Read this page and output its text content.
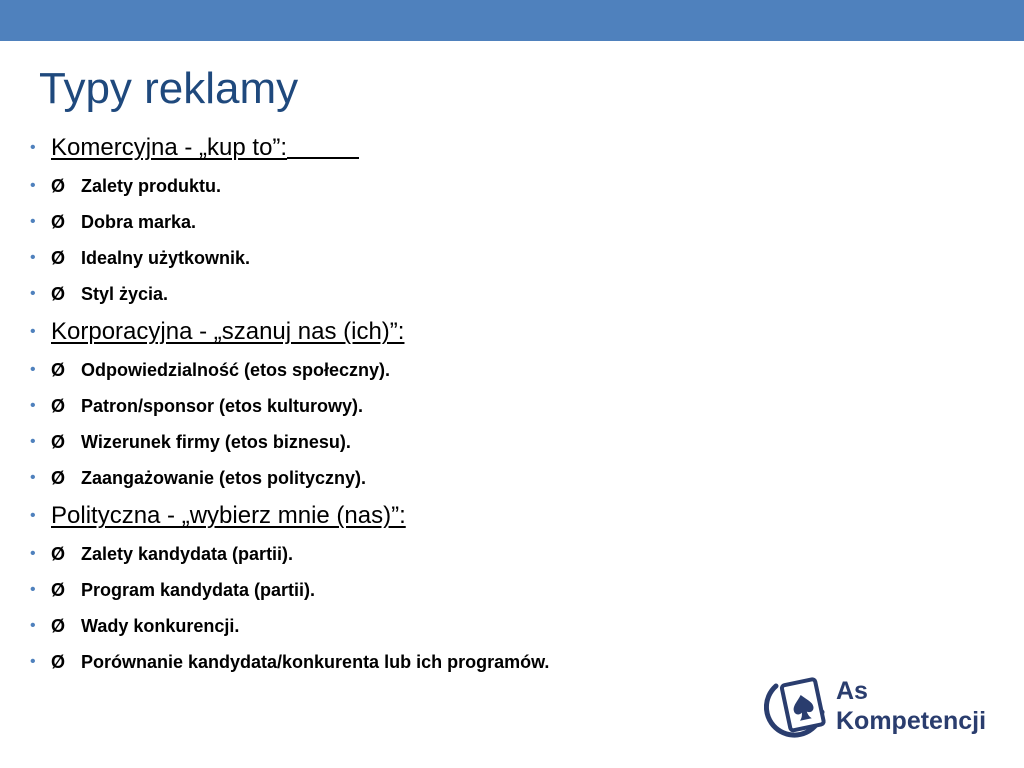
Typy reklamy
• Komercyjna - „kup to”:
• Ø Zalety produktu.
• Ø Dobra marka.
• Ø Idealny użytkownik.
• Ø Styl życia.
• Korporacyjna - „szanuj nas (ich)”:
• Ø Odpowiedzialność (etos społeczny).
• Ø Patron/sponsor (etos kulturowy).
• Ø Wizerunek firmy (etos biznesu).
• Ø Zaangażowanie (etos polityczny).
• Polityczna - „wybierz mnie (nas)”:
• Ø Zalety kandydata (partii).
• Ø Program kandydata (partii).
• Ø Wady konkurencji.
• Ø Porównanie kandydata/konkurenta lub ich programów.
As
Kompetencji
